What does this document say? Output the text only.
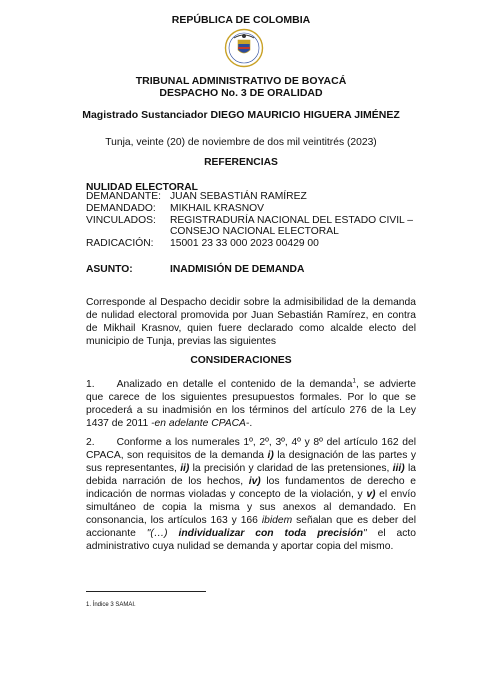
REPÚBLICA DE COLOMBIA
TRIBUNAL ADMINISTRATIVO DE BOYACÁ
DESPACHO No. 3 DE ORALIDAD
Magistrado Sustanciador DIEGO MAURICIO HIGUERA JIMÉNEZ
Tunja, veinte (20) de noviembre de dos mil veintitrés (2023)
REFERENCIAS
NULIDAD ELECTORAL
DEMANDANTE:	JUAN SEBASTIÁN RAMÍREZ
DEMANDADO:	MIKHAIL KRASNOV
VINCULADOS:	REGISTRADURÍA NACIONAL DEL ESTADO CIVIL –
CONSEJO NACIONAL ELECTORAL

RADICACIÓN:	15001 23 33 000 2023 00429 00
ASUNTO:	INADMISIÓN DE DEMANDA
Corresponde al Despacho decidir sobre la admisibilidad de la demanda de nulidad electoral promovida por Juan Sebastián Ramírez, en contra de Mikhail Krasnov, quien fuere declarado como alcalde electo del municipio de Tunja, previas las siguientes
CONSIDERACIONES
1. Analizado en detalle el contenido de la demanda$^1$, se advierte que carece de los siguientes presupuestos formales. Por lo que se procederá a su inadmisión en los términos del artículo 276 de la Ley 1437 de 2011 -en adelante CPACA-.
2. Conforme a los numerales 1º, 2º, 3º, 4º y 8º del artículo 162 del CPACA, son requisitos de la demanda i) la designación de las partes y sus representantes, ii) la precisión y claridad de las pretensiones, iii) la debida narración de los hechos, iv) los fundamentos de derecho e indicación de normas violadas y concepto de la violación, y v) el envío simultáneo de copia la misma y sus anexos al demandado. En consonancia, los artículos 163 y 166 ibidem señalan que es deber del accionante "(…) individualizar con toda precisión" el acto administrativo cuya nulidad se demanda y aportar copia del mismo.
1. Índice 3 SAMAI.
